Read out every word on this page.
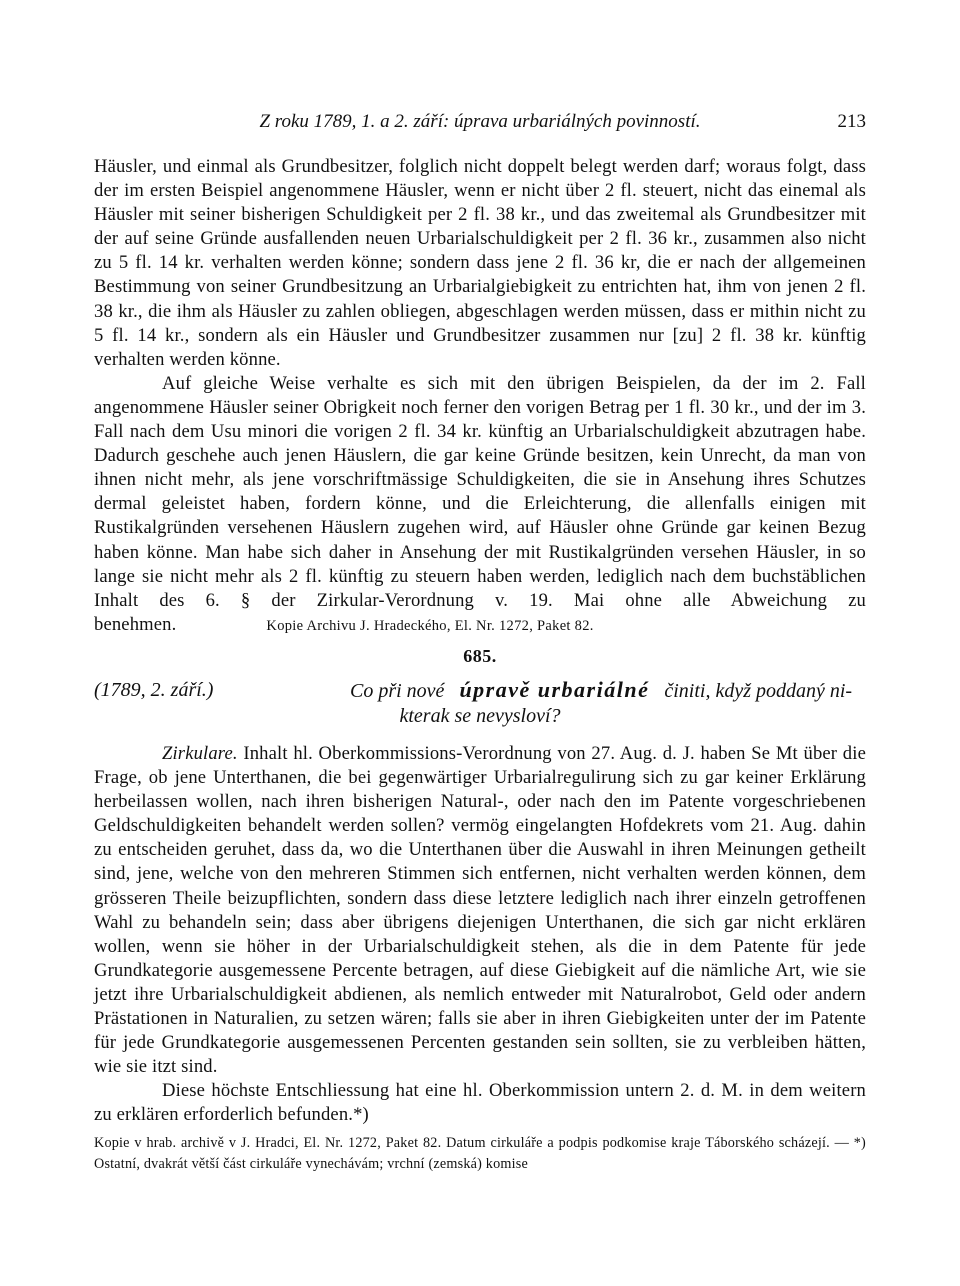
Z roku 1789, 1. a 2. září: úprava urbariálných povinností.	213

Häusler, und einmal als Grundbesitzer, folglich nicht doppelt belegt werden darf; woraus folgt, dass der im ersten Beispiel angenommene Häusler, wenn er nicht über 2 fl. steuert, nicht das einemal als Häusler mit seiner bisherigen Schuldigkeit per 2 fl. 38 kr., und das zweitemal als Grundbesitzer mit der auf seine Gründe ausfallenden neuen Urbarialschuldigkeit per 2 fl. 36 kr., zusammen also nicht zu 5 fl. 14 kr. verhalten werden könne; sondern dass jene 2 fl. 36 kr, die er nach der allgemeinen Bestimmung von seiner Grundbesitzung an Urbarialgiebigkeit zu entrichten hat, ihm von jenen 2 fl. 38 kr., die ihm als Häusler zu zahlen obliegen, abgeschlagen werden müssen, dass er mithin nicht zu 5 fl. 14 kr., sondern als ein Häusler und Grundbesitzer zusammen nur [zu] 2 fl. 38 kr. künftig verhalten werden könne.

Auf gleiche Weise verhalte es sich mit den übrigen Beispielen, da der im 2. Fall angenommene Häusler seiner Obrigkeit noch ferner den vorigen Betrag per 1 fl. 30 kr., und der im 3. Fall nach dem Usu minori die vorigen 2 fl. 34 kr. künftig an Urbarialschuldigkeit abzutragen habe. Dadurch geschehe auch jenen Häuslern, die gar keine Gründe besitzen, kein Unrecht, da man von ihnen nicht mehr, als jene vorschriftmässige Schuldigkeiten, die sie in Ansehung ihres Schutzes dermal geleistet haben, fordern könne, und die Erleichterung, die allenfalls einigen mit Rustikalgründen versehenen Häuslern zugehen wird, auf Häusler ohne Gründe gar keinen Bezug haben könne. Man habe sich daher in Ansehung der mit Rustikalgründen versehen Häusler, in so lange sie nicht mehr als 2 fl. künftig zu steuern haben werden, lediglich nach dem buchstäblichen Inhalt des 6. § der Zirkular-Verordnung v. 19. Mai ohne alle Abweichung zu benehmen.	Kopie Archivu J. Hradeckého, El. Nr. 1272, Paket 82.

685.
(1789, 2. září.)	Co při nové úpravě urbariálné činiti, když poddaný ni-
kterak se nevysloví?

Zirkulare. Inhalt hl. Oberkommissions-Verordnung von 27. Aug. d. J. haben Se Mt über die Frage, ob jene Unterthanen, die bei gegenwärtiger Urbarialregulirung sich zu gar keiner Erklärung herbeilassen wollen, nach ihren bisherigen Natural-, oder nach den im Patente vorgeschriebenen Geldschuldigkeiten behandelt werden sollen? vermög eingelangten Hofdekrets vom 21. Aug. dahin zu entscheiden geruhet, dass da, wo die Unterthanen über die Auswahl in ihren Meinungen getheilt sind, jene, welche von den mehreren Stimmen sich entfernen, nicht verhalten werden können, dem grösseren Theile beizupflichten, sondern dass diese letztere lediglich nach ihrer einzeln getroffenen Wahl zu behandeln sein; dass aber übrigens diejenigen Unterthanen, die sich gar nicht erklären wollen, wenn sie höher in der Urbarialschuldigkeit stehen, als die in dem Patente für jede Grundkategorie ausgemessene Percente betragen, auf diese Giebigkeit auf die nämliche Art, wie sie jetzt ihre Urbarialschuldigkeit abdienen, als nemlich entweder mit Naturalrobot, Geld oder andern Prästationen in Naturalien, zu setzen wären; falls sie aber in ihren Giebigkeiten unter der im Patente für jede Grundkategorie ausgemessenen Percenten gestanden sein sollten, sie zu verbleiben hätten, wie sie itzt sind.

Diese höchste Entschliessung hat eine hl. Oberkommission untern 2. d. M. in dem weitern zu erklären erforderlich befunden.*)

Kopie v hrab. archivě v J. Hradci, El. Nr. 1272, Paket 82. Datum cirkuláře a podpis podkomise kraje Táborského scházejí. — *) Ostatní, dvakrát větší část cirkuláře vynechávám; vrchní (zemská) komise
